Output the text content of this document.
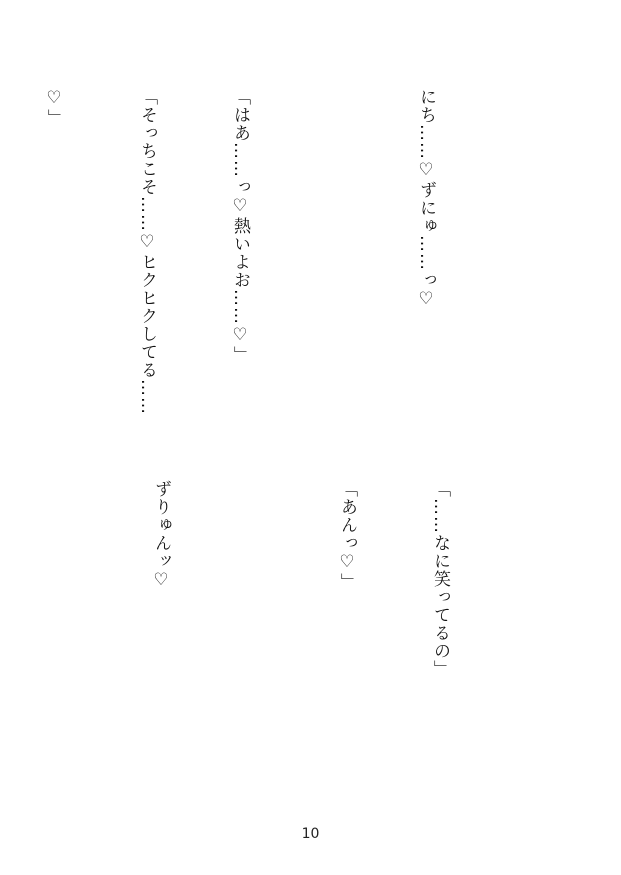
にち……♡ずにゅ……っ♡

「はあ……っ♡熱いよお……♡」

「そっちこそ……♡ヒクヒクしてる……

♡」

「……なに笑ってるの」

「あんっ♡」

ずりゅんッ♡

10
